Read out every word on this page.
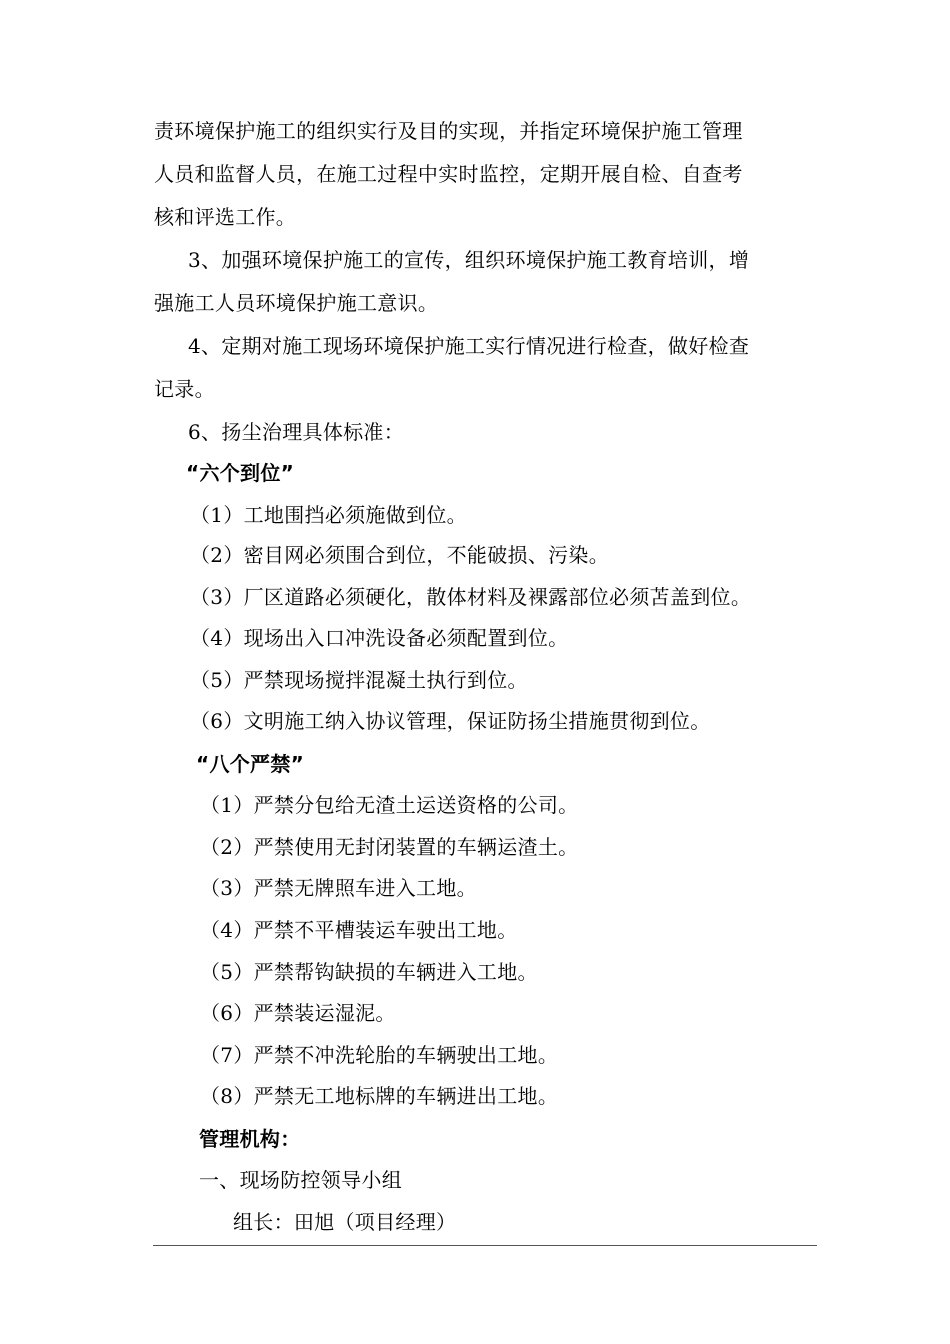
责环境保护施工的组织实行及目的实现，并指定环境保护施工管理
人员和监督人员，在施工过程中实时监控，定期开展自检、自查考
核和评选工作。
3、加强环境保护施工的宣传，组织环境保护施工教育培训，增
强施工人员环境保护施工意识。
4、定期对施工现场环境保护施工实行情况进行检查，做好检查
记录。
6、扬尘治理具体标准：
“六个到位”
（1）工地围挡必须施做到位。
（2）密目网必须围合到位，不能破损、污染。
（3）厂区道路必须硬化，散体材料及裸露部位必须苫盖到位。
（4）现场出入口冲洗设备必须配置到位。
（5）严禁现场搅拌混凝土执行到位。
（6）文明施工纳入协议管理，保证防扬尘措施贯彻到位。
“八个严禁”
（1）严禁分包给无渣土运送资格的公司。
（2）严禁使用无封闭装置的车辆运渣土。
（3）严禁无牌照车进入工地。
（4）严禁不平槽装运车驶出工地。
（5）严禁帮钩缺损的车辆进入工地。
（6）严禁装运湿泥。
（7）严禁不冲洗轮胎的车辆驶出工地。
（8）严禁无工地标牌的车辆进出工地。
管理机构：
一、现场防控领导小组
组长：田旭（项目经理）
